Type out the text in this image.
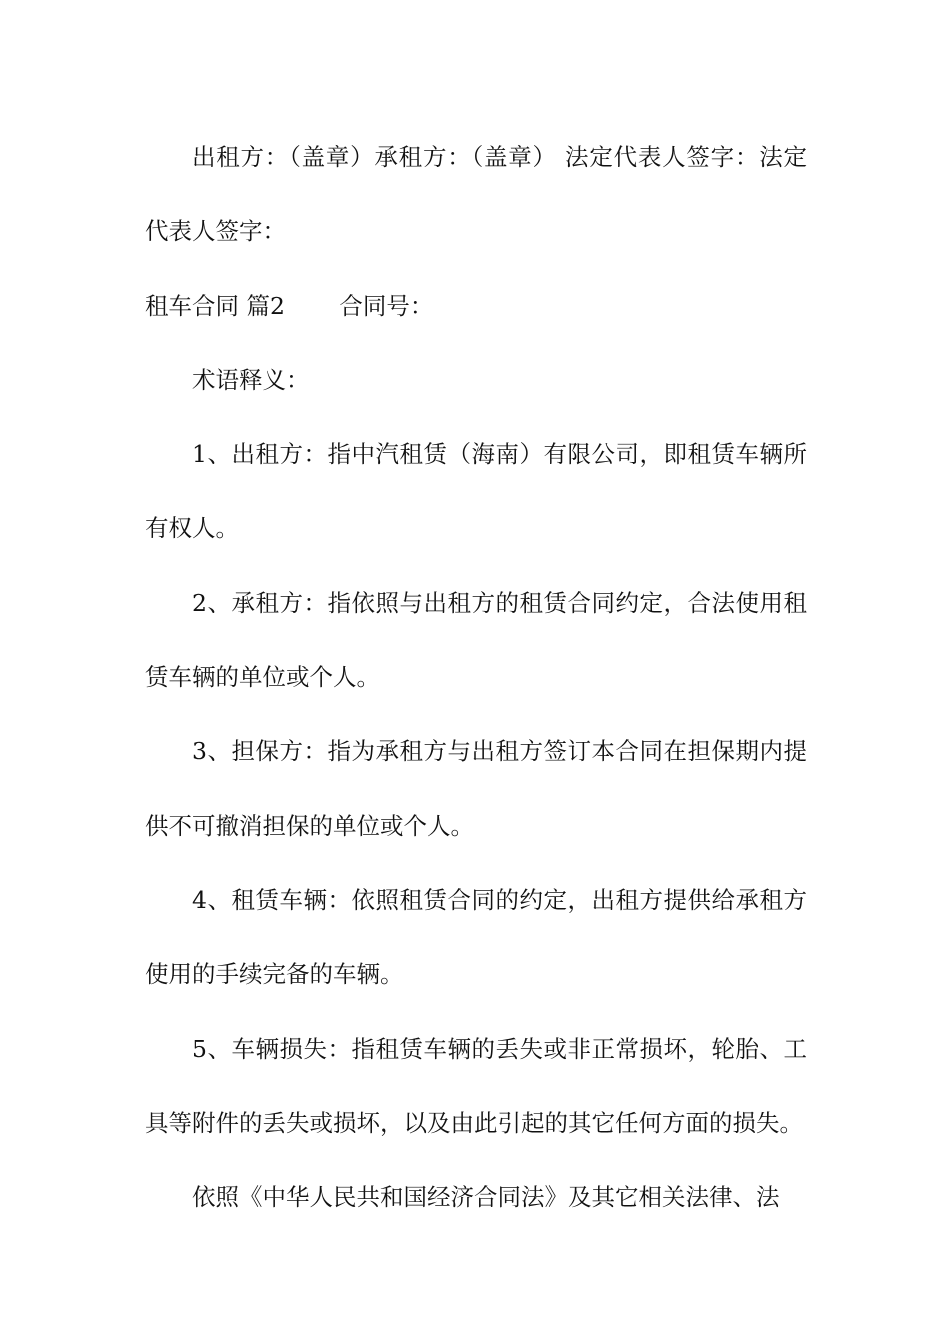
出租方：（盖章）承租方：（盖章） 法定代表人签字：法定代表人签字：

租车合同 篇2　　 合同号：

术语释义：

1、出租方：指中汽租赁（海南）有限公司，即租赁车辆所有权人。

2、承租方：指依照与出租方的租赁合同约定，合法使用租赁车辆的单位或个人。

3、担保方：指为承租方与出租方签订本合同在担保期内提供不可撤消担保的单位或个人。

4、租赁车辆：依照租赁合同的约定，出租方提供给承租方使用的手续完备的车辆。

5、车辆损失：指租赁车辆的丢失或非正常损坏，轮胎、工具等附件的丢失或损坏，以及由此引起的其它任何方面的损失。

依照《中华人民共和国经济合同法》及其它相关法律、法
